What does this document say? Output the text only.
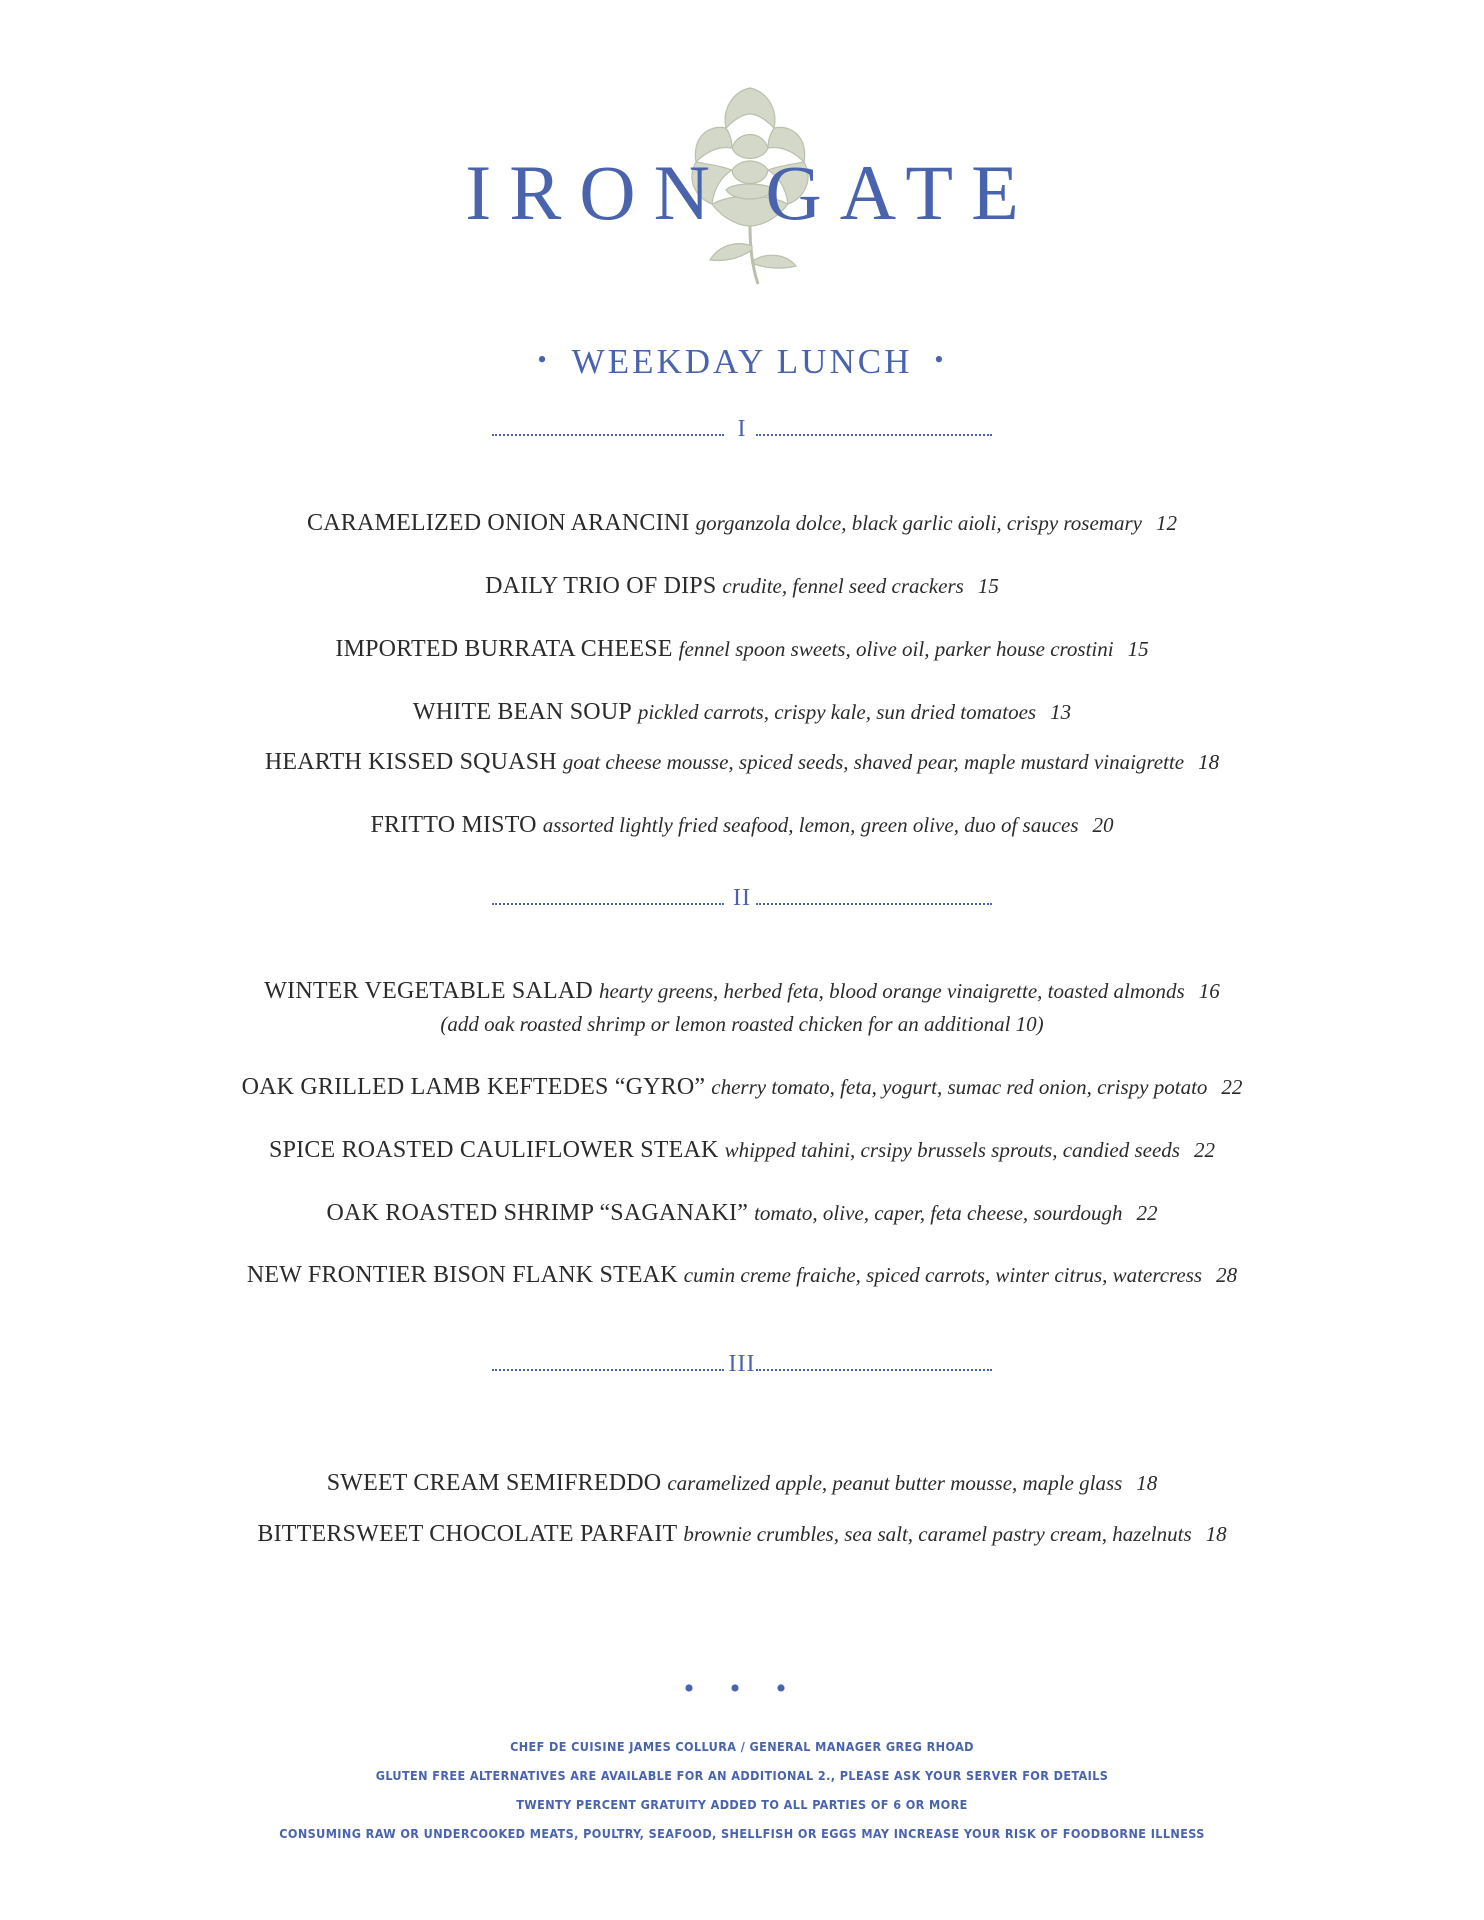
IRON GATE
• WEEKDAY LUNCH •
I
CARAMELIZED ONION ARANCINI gorganzola dolce, black garlic aioli, crispy rosemary 12
DAILY TRIO OF DIPS crudite, fennel seed crackers 15
IMPORTED BURRATA CHEESE fennel spoon sweets, olive oil, parker house crostini 15
WHITE BEAN SOUP pickled carrots, crispy kale, sun dried tomatoes 13
HEARTH KISSED SQUASH goat cheese mousse, spiced seeds, shaved pear, maple mustard vinaigrette 18
FRITTO MISTO assorted lightly fried seafood, lemon, green olive, duo of sauces 20
II
WINTER VEGETABLE SALAD hearty greens, herbed feta, blood orange vinaigrette, toasted almonds 16
(add oak roasted shrimp or lemon roasted chicken for an additional 10)
OAK GRILLED LAMB KEFTEDES “GYRO” cherry tomato, feta, yogurt, sumac red onion, crispy potato 22
SPICE ROASTED CAULIFLOWER STEAK whipped tahini, crsipy brussels sprouts, candied seeds 22
OAK ROASTED SHRIMP “SAGANAKI” tomato, olive, caper, feta cheese, sourdough 22
NEW FRONTIER BISON FLANK STEAK cumin creme fraiche, spiced carrots, winter citrus, watercress 28
III
SWEET CREAM SEMIFREDDO caramelized apple, peanut butter mousse, maple glass 18
BITTERSWEET CHOCOLATE PARFAIT brownie crumbles, sea salt, caramel pastry cream, hazelnuts 18
• • •
CHEF DE CUISINE JAMES COLLURA / GENERAL MANAGER GREG RHOAD
GLUTEN FREE ALTERNATIVES ARE AVAILABLE FOR AN ADDITIONAL 2., PLEASE ASK YOUR SERVER FOR DETAILS
TWENTY PERCENT GRATUITY ADDED TO ALL PARTIES OF 6 OR MORE
CONSUMING RAW OR UNDERCOOKED MEATS, POULTRY, SEAFOOD, SHELLFISH OR EGGS MAY INCREASE YOUR RISK OF FOODBORNE ILLNESS
